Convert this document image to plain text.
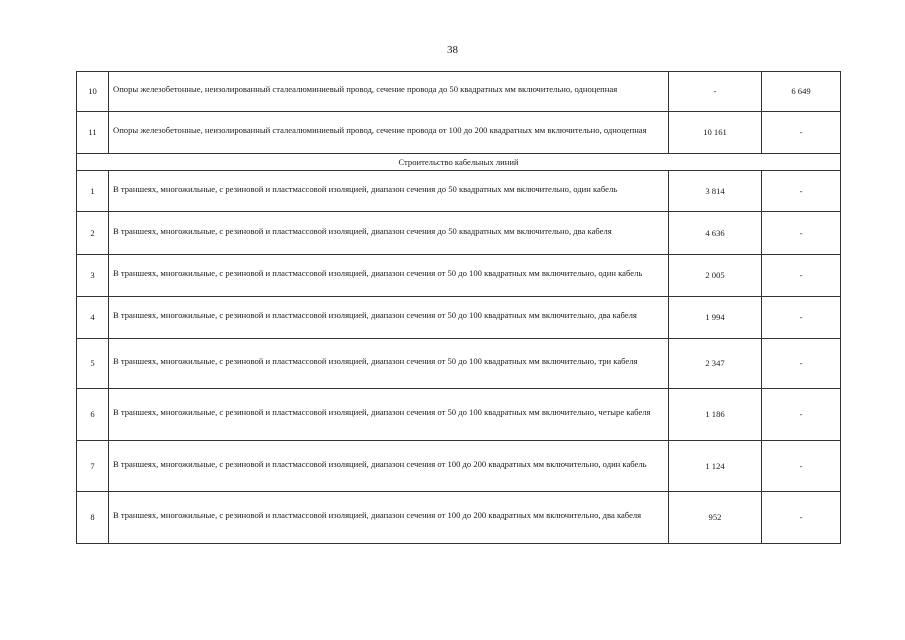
38
10	Опоры железобетонные, неизолированный сталеалюминиевый провод, сечение провода до 50 квадратных мм включительно, одноцепная	-	6 649
11	Опоры железобетонные, неизолированный сталеалюминиевый провод, сечение провода от 100 до 200 квадратных мм включительно, одноцепная	10 161	-
Строительство кабельных линий			
1	В траншеях, многожильные, с резиновой и пластмассовой изоляцией, диапазон сечения до 50 квадратных мм включительно, один кабель	3 814	-
2	В траншеях, многожильные, с резиновой и пластмассовой изоляцией, диапазон сечения до 50 квадратных мм включительно, два кабеля	4 636	-
3	В траншеях, многожильные, с резиновой и пластмассовой изоляцией, диапазон сечения от 50 до 100 квадратных мм включительно, один кабель	2 005	-
4	В траншеях, многожильные, с резиновой и пластмассовой изоляцией, диапазон сечения от 50 до 100 квадратных мм включительно, два кабеля	1 994	-
5	В траншеях, многожильные, с резиновой и пластмассовой изоляцией, диапазон сечения от 50 до 100 квадратных мм включительно, три кабеля	2 347	-
6	В траншеях, многожильные, с резиновой и пластмассовой изоляцией, диапазон сечения от 50 до 100 квадратных мм включительно, четыре кабеля	1 186	-
7	В траншеях, многожильные, с резиновой и пластмассовой изоляцией, диапазон сечения от 100 до 200 квадратных мм включительно, один кабель	1 124	-
8	В траншеях, многожильные, с резиновой и пластмассовой изоляцией, диапазон сечения от 100 до 200 квадратных мм включительно, два кабеля	952	-
